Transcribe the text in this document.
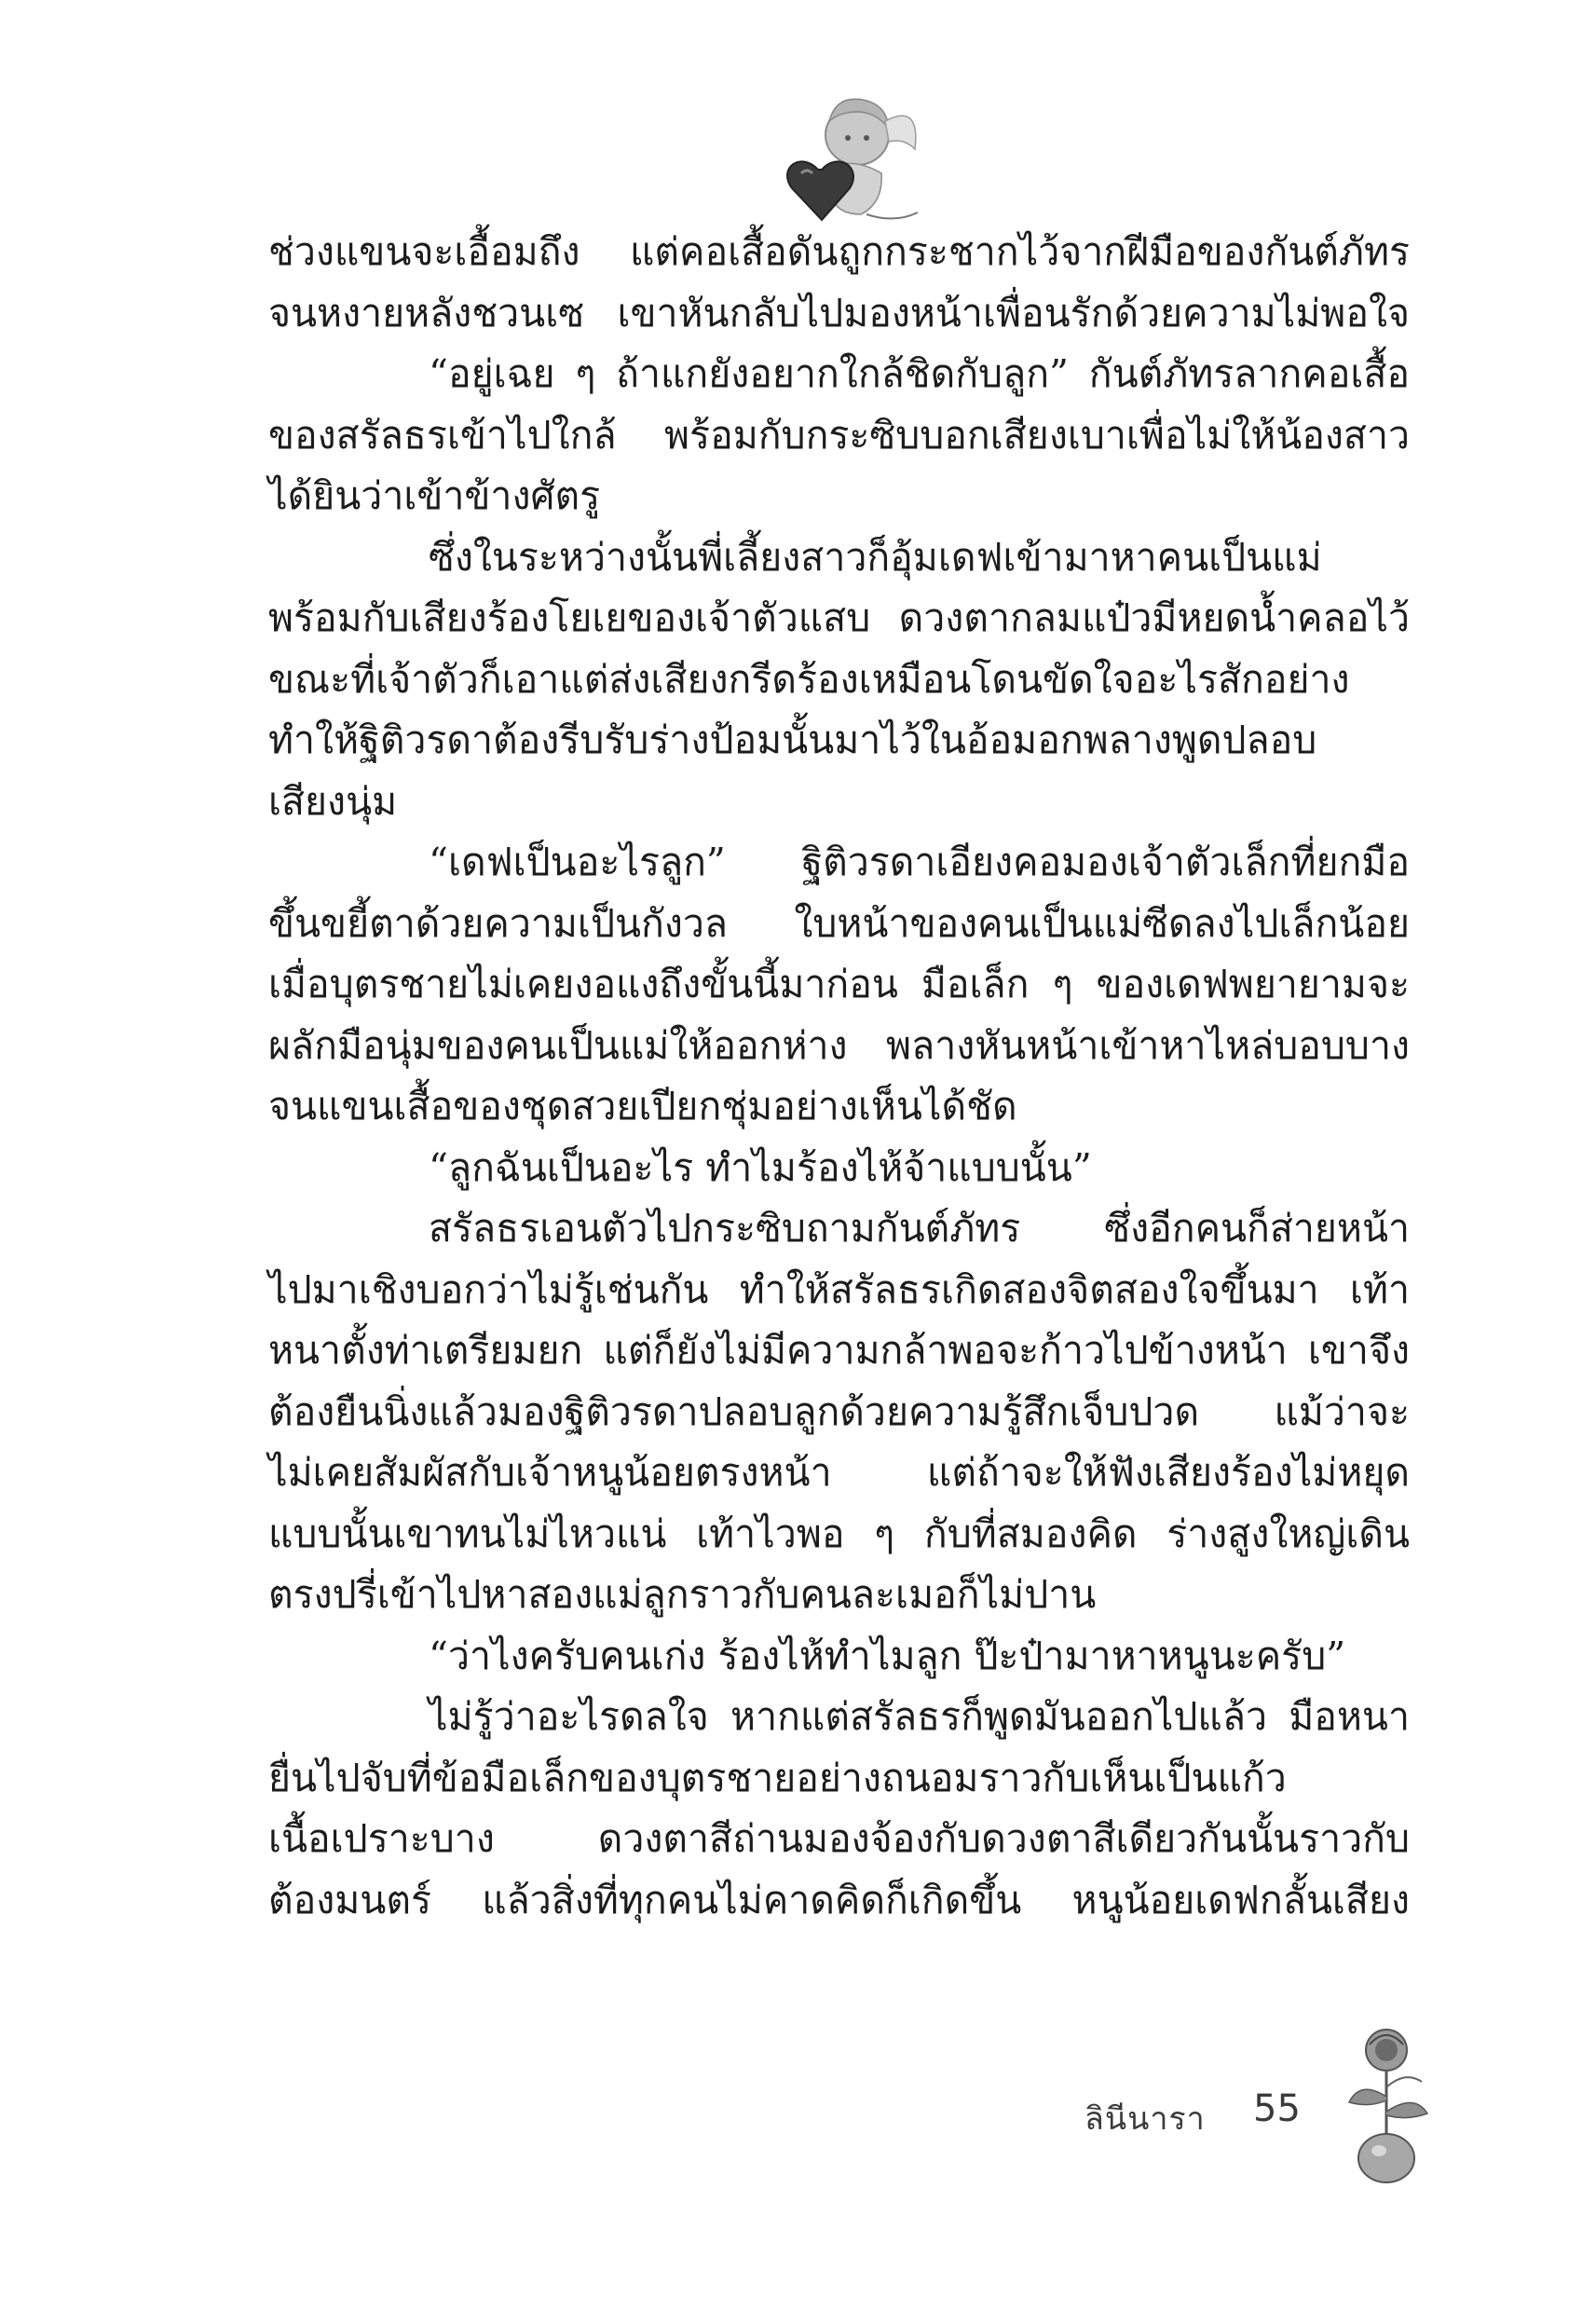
ช่วงแขนจะเอื้อมถึง แต่คอเสื้อดันถูกกระชากไว้จากฝีมือของกันต์ภัทร

จนหงายหลังชวนเซ เขาหันกลับไปมองหน้าเพื่อนรักด้วยความไม่พอใจ

“อยู่เฉย ๆ ถ้าแกยังอยากใกล้ชิดกับลูก” กันต์ภัทรลากคอเสื้อ

ของสรัลธรเข้าไปใกล้ พร้อมกับกระซิบบอกเสียงเบาเพื่อไม่ให้น้องสาว

ได้ยินว่าเข้าข้างศัตรู

ซึ่งในระหว่างนั้นพี่เลี้ยงสาวก็อุ้มเดฟเข้ามาหาคนเป็นแม่

พร้อมกับเสียงร้องโยเยของเจ้าตัวแสบ ดวงตากลมแป๋วมีหยดน้ำคลอไว้

ขณะที่เจ้าตัวก็เอาแต่ส่งเสียงกรีดร้องเหมือนโดนขัดใจอะไรสักอย่าง

ทำให้ฐิติวรดาต้องรีบรับร่างป้อมนั้นมาไว้ในอ้อมอกพลางพูดปลอบ

เสียงนุ่ม

“เดฟเป็นอะไรลูก” ฐิติวรดาเอียงคอมองเจ้าตัวเล็กที่ยกมือ

ขึ้นขยี้ตาด้วยความเป็นกังวล ใบหน้าของคนเป็นแม่ซีดลงไปเล็กน้อย

เมื่อบุตรชายไม่เคยงอแงถึงขั้นนี้มาก่อน มือเล็ก ๆ ของเดฟพยายามจะ

ผลักมือนุ่มของคนเป็นแม่ให้ออกห่าง พลางหันหน้าเข้าหาไหล่บอบบาง

จนแขนเสื้อของชุดสวยเปียกชุ่มอย่างเห็นได้ชัด

“ลูกฉันเป็นอะไร ทำไมร้องไห้จ้าแบบนั้น”

สรัลธรเอนตัวไปกระซิบถามกันต์ภัทร ซึ่งอีกคนก็ส่ายหน้า

ไปมาเชิงบอกว่าไม่รู้เช่นกัน ทำให้สรัลธรเกิดสองจิตสองใจขึ้นมา เท้า

หนาตั้งท่าเตรียมยก แต่ก็ยังไม่มีความกล้าพอจะก้าวไปข้างหน้า เขาจึง

ต้องยืนนิ่งแล้วมองฐิติวรดาปลอบลูกด้วยความรู้สึกเจ็บปวด แม้ว่าจะ

ไม่เคยสัมผัสกับเจ้าหนูน้อยตรงหน้า แต่ถ้าจะให้ฟังเสียงร้องไม่หยุด

แบบนั้นเขาทนไม่ไหวแน่ เท้าไวพอ ๆ กับที่สมองคิด ร่างสูงใหญ่เดิน

ตรงปรี่เข้าไปหาสองแม่ลูกราวกับคนละเมอก็ไม่ปาน

“ว่าไงครับคนเก่ง ร้องไห้ทำไมลูก ป๊ะป๋ามาหาหนูนะครับ”

ไม่รู้ว่าอะไรดลใจ หากแต่สรัลธรก็พูดมันออกไปแล้ว มือหนา

ยื่นไปจับที่ข้อมือเล็กของบุตรชายอย่างถนอมราวกับเห็นเป็นแก้ว

เนื้อเปราะบาง ดวงตาสีถ่านมองจ้องกับดวงตาสีเดียวกันนั้นราวกับ

ต้องมนตร์ แล้วสิ่งที่ทุกคนไม่คาดคิดก็เกิดขึ้น หนูน้อยเดฟกลั้นเสียง

ลินีนารา 55
